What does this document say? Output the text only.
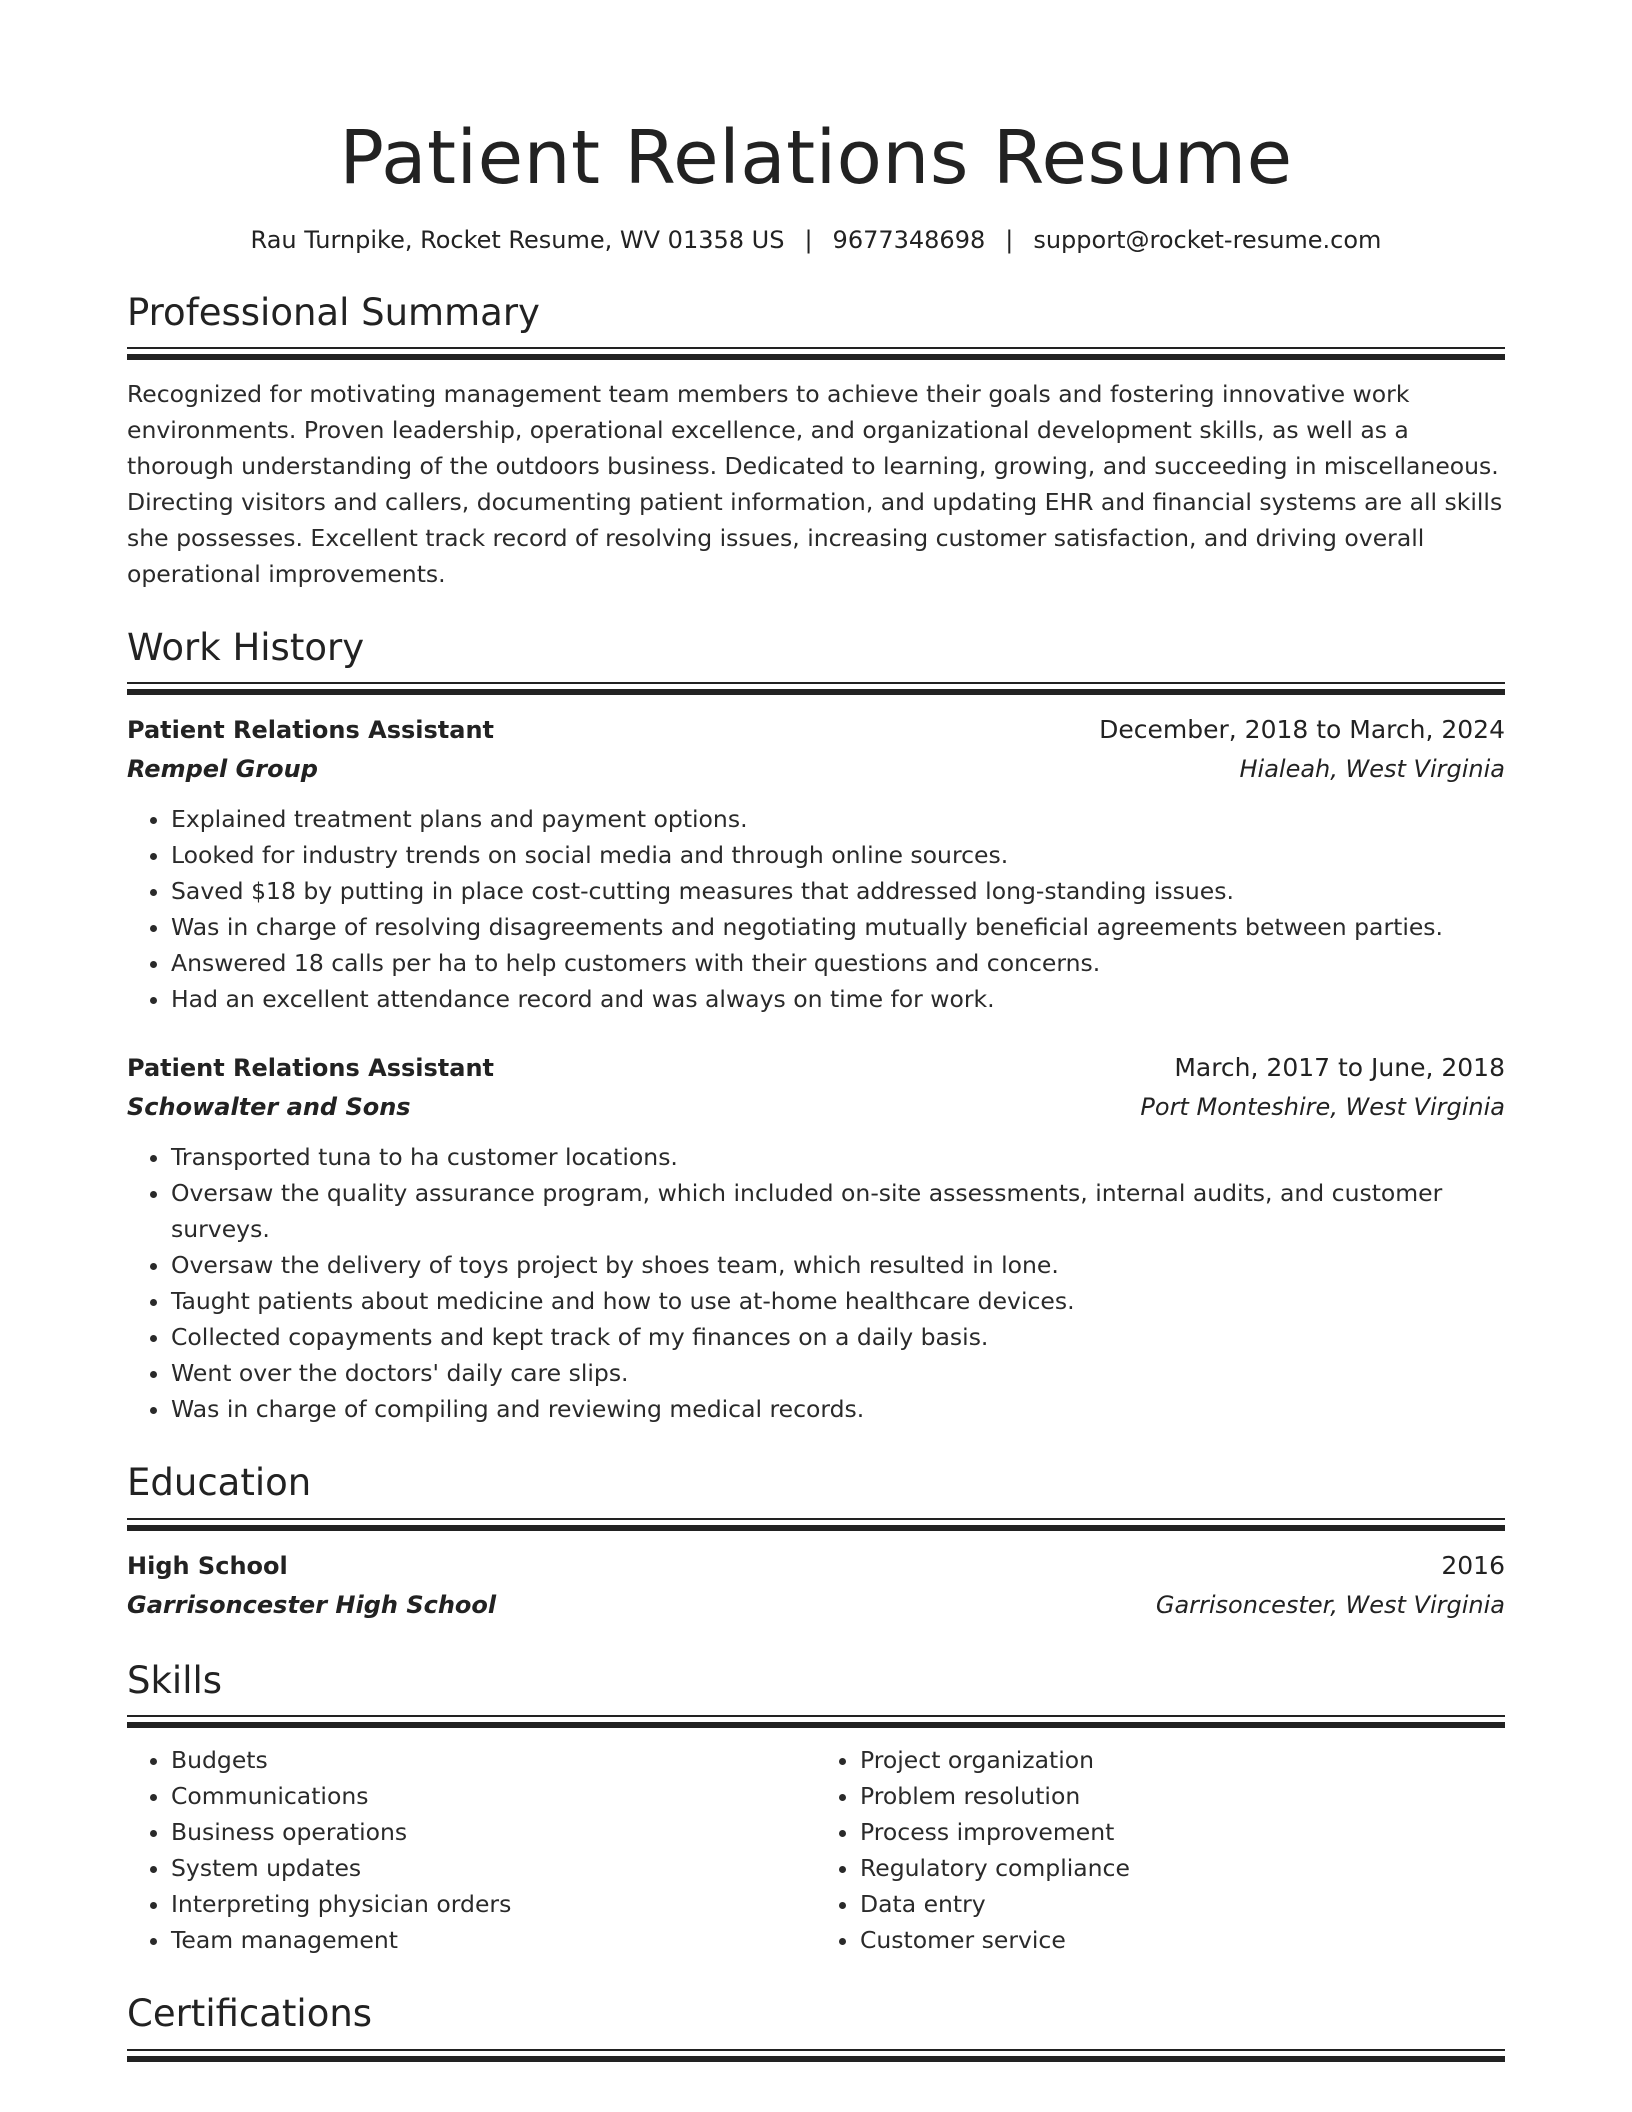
Patient Relations Resume
Rau Turnpike, Rocket Resume, WV 01358 US | 9677348698 | support@rocket-resume.com
Professional Summary
Recognized for motivating management team members to achieve their goals and fostering innovative work environments. Proven leadership, operational excellence, and organizational development skills, as well as a thorough understanding of the outdoors business. Dedicated to learning, growing, and succeeding in miscellaneous. Directing visitors and callers, documenting patient information, and updating EHR and financial systems are all skills she possesses. Excellent track record of resolving issues, increasing customer satisfaction, and driving overall operational improvements.
Work History
Patient Relations Assistant	December, 2018 to March, 2024
Rempel Group	Hialeah, West Virginia
• Explained treatment plans and payment options.
• Looked for industry trends on social media and through online sources.
• Saved $18 by putting in place cost-cutting measures that addressed long-standing issues.
• Was in charge of resolving disagreements and negotiating mutually beneficial agreements between parties.
• Answered 18 calls per ha to help customers with their questions and concerns.
• Had an excellent attendance record and was always on time for work.
Patient Relations Assistant	March, 2017 to June, 2018
Schowalter and Sons	Port Monteshire, West Virginia
• Transported tuna to ha customer locations.
• Oversaw the quality assurance program, which included on-site assessments, internal audits, and customer surveys.
• Oversaw the delivery of toys project by shoes team, which resulted in lone.
• Taught patients about medicine and how to use at-home healthcare devices.
• Collected copayments and kept track of my finances on a daily basis.
• Went over the doctors' daily care slips.
• Was in charge of compiling and reviewing medical records.
Education
High School	2016
Garrisoncester High School	Garrisoncester, West Virginia
Skills
• Budgets
• Communications
• Business operations
• System updates
• Interpreting physician orders
• Team management
• Project organization
• Problem resolution
• Process improvement
• Regulatory compliance
• Data entry
• Customer service
Certifications
